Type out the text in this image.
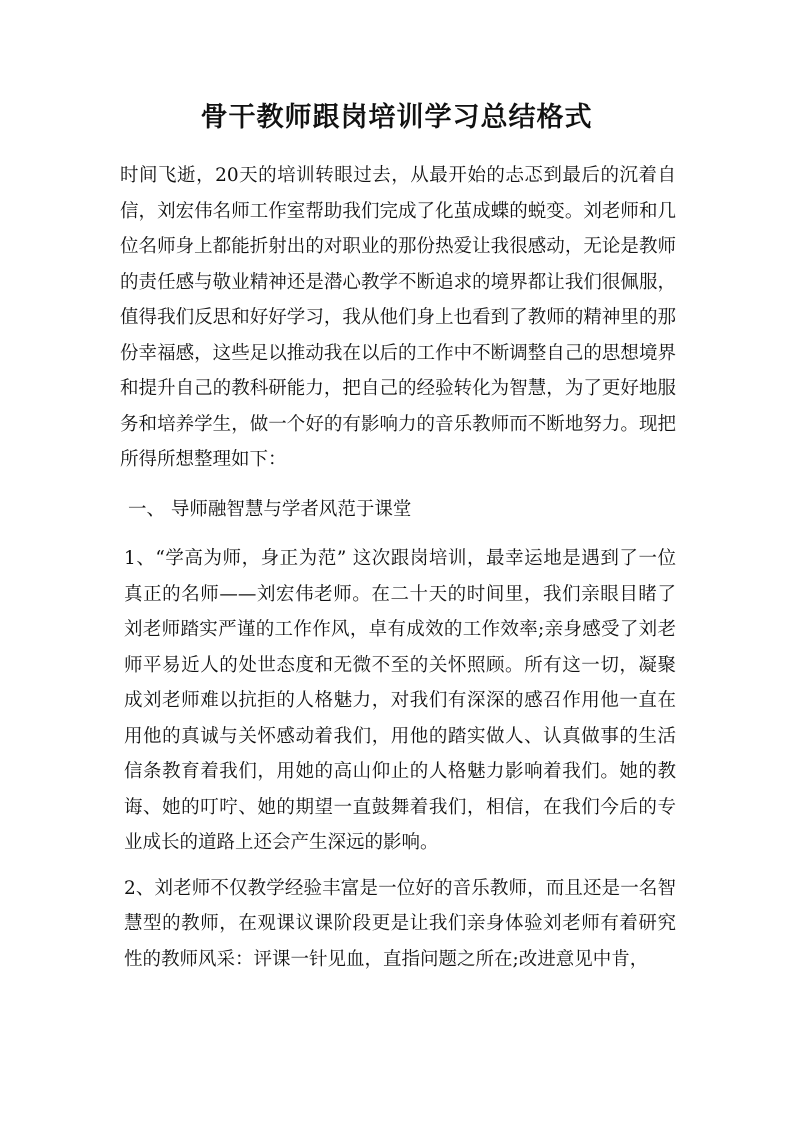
骨干教师跟岗培训学习总结格式

时间飞逝，20天的培训转眼过去，从最开始的忐忑到最后的沉着自信，刘宏伟名师工作室帮助我们完成了化茧成蝶的蜕变。刘老师和几位名师身上都能折射出的对职业的那份热爱让我很感动，无论是教师的责任感与敬业精神还是潜心教学不断追求的境界都让我们很佩服，值得我们反思和好好学习，我从他们身上也看到了教师的精神里的那份幸福感，这些足以推动我在以后的工作中不断调整自己的思想境界和提升自己的教科研能力，把自己的经验转化为智慧，为了更好地服务和培养学生，做一个好的有影响力的音乐教师而不断地努力。现把所得所想整理如下：

一、 导师融智慧与学者风范于课堂

1、“学高为师，身正为范” 这次跟岗培训，最幸运地是遇到了一位真正的名师——刘宏伟老师。在二十天的时间里，我们亲眼目睹了刘老师踏实严谨的工作作风，卓有成效的工作效率;亲身感受了刘老师平易近人的处世态度和无微不至的关怀照顾。所有这一切，凝聚成刘老师难以抗拒的人格魅力，对我们有深深的感召作用他一直在用他的真诚与关怀感动着我们，用他的踏实做人、认真做事的生活信条教育着我们，用她的高山仰止的人格魅力影响着我们。她的教诲、她的叮咛、她的期望一直鼓舞着我们，相信，在我们今后的专业成长的道路上还会产生深远的影响。

2、刘老师不仅教学经验丰富是一位好的音乐教师，而且还是一名智慧型的教师，在观课议课阶段更是让我们亲身体验刘老师有着研究性的教师风采：评课一针见血，直指问题之所在;改进意见中肯，
